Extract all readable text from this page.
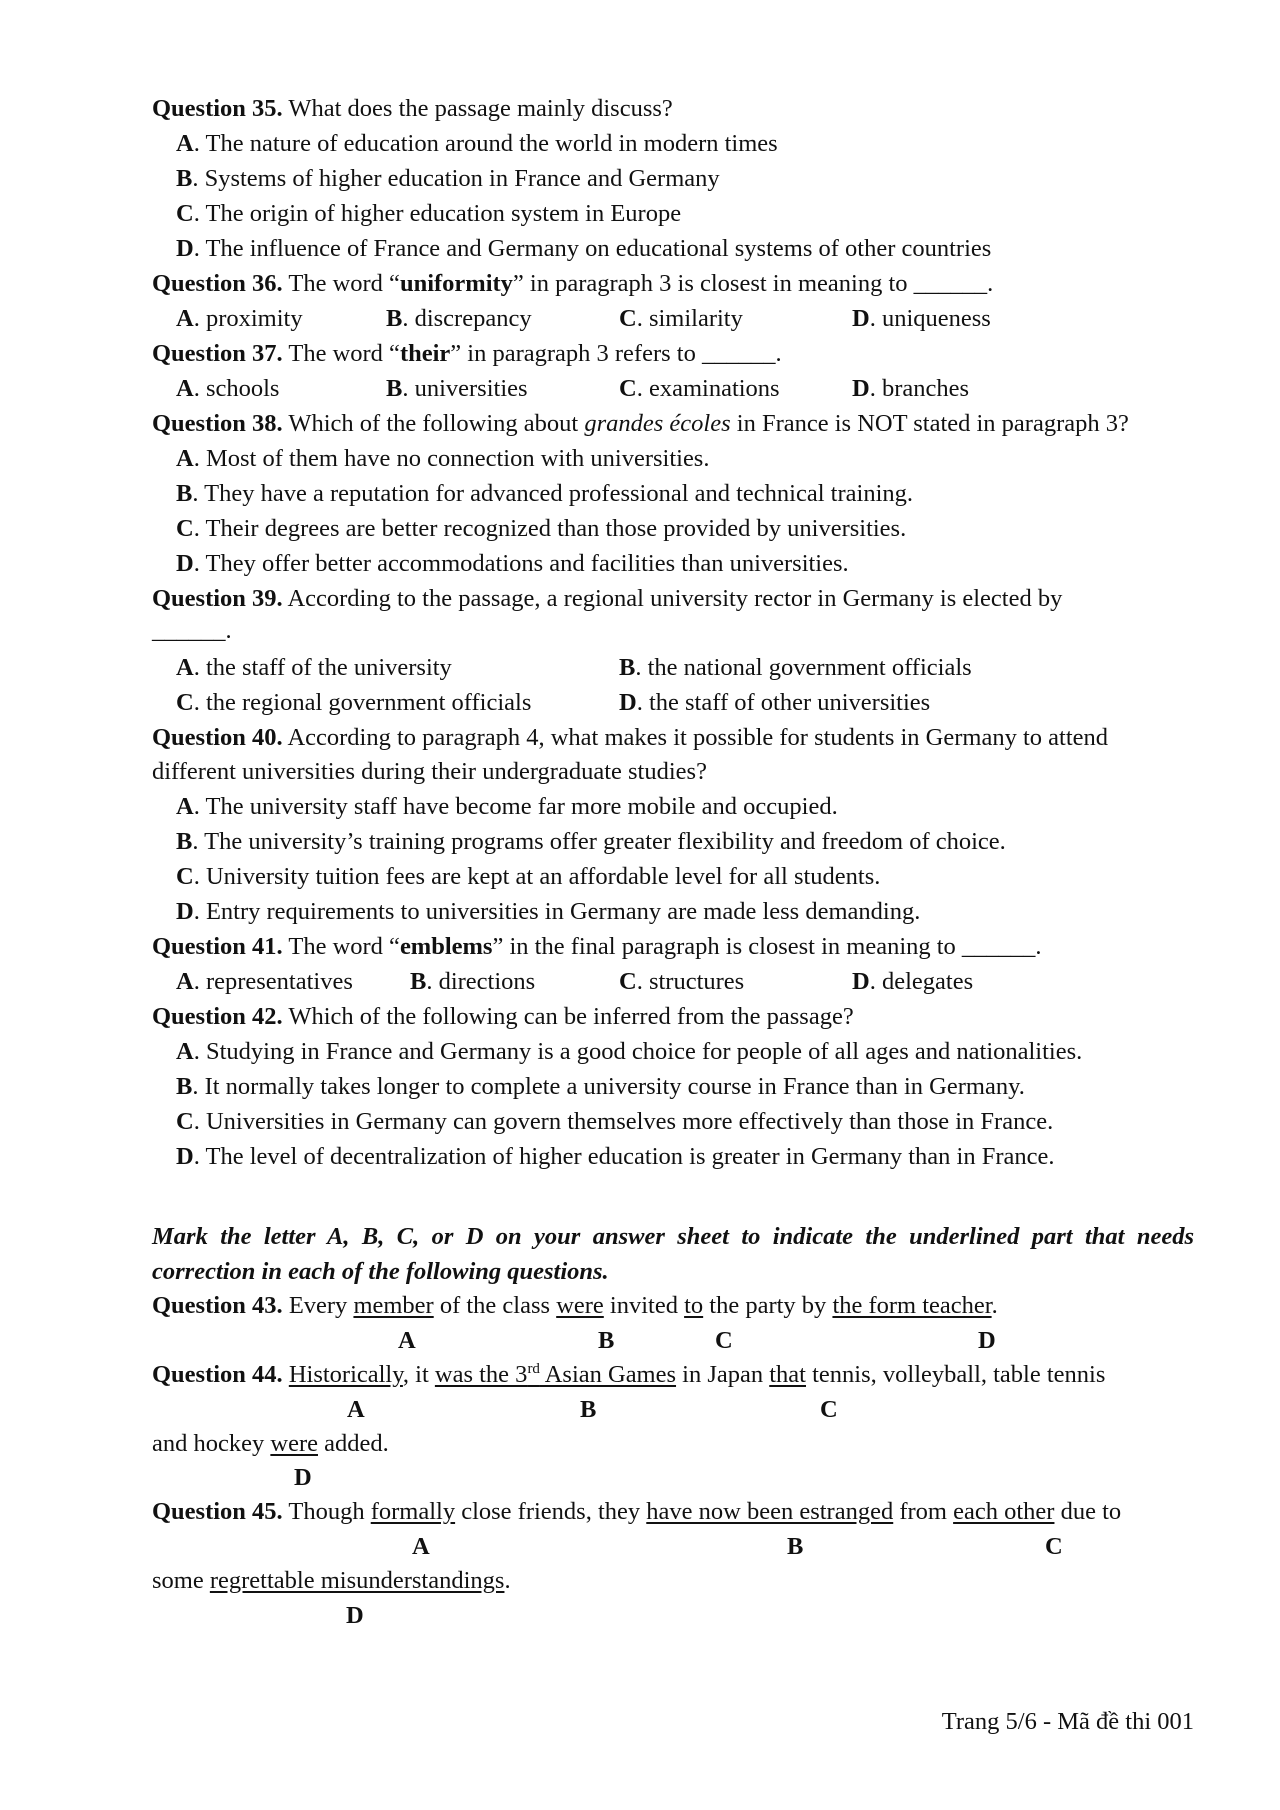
Question 35. What does the passage mainly discuss?
A. The nature of education around the world in modern times
B. Systems of higher education in France and Germany
C. The origin of higher education system in Europe
D. The influence of France and Germany on educational systems of other countries
Question 36. The word “uniformity” in paragraph 3 is closest in meaning to ______.
A. proximity	B. discrepancy	C. similarity	D. uniqueness
Question 37. The word “their” in paragraph 3 refers to ______.
A. schools	B. universities	C. examinations	D. branches
Question 38. Which of the following about grandes écoles in France is NOT stated in paragraph 3?
A. Most of them have no connection with universities.
B. They have a reputation for advanced professional and technical training.
C. Their degrees are better recognized than those provided by universities.
D. They offer better accommodations and facilities than universities.
Question 39. According to the passage, a regional university rector in Germany is elected by
______.
A. the staff of the university	B. the national government officials
C. the regional government officials	D. the staff of other universities
Question 40. According to paragraph 4, what makes it possible for students in Germany to attend
different universities during their undergraduate studies?
A. The university staff have become far more mobile and occupied.
B. The university’s training programs offer greater flexibility and freedom of choice.
C. University tuition fees are kept at an affordable level for all students.
D. Entry requirements to universities in Germany are made less demanding.
Question 41. The word “emblems” in the final paragraph is closest in meaning to ______.
A. representatives B. directions	C. structures	D. delegates
Question 42. Which of the following can be inferred from the passage?
A. Studying in France and Germany is a good choice for people of all ages and nationalities.
B. It normally takes longer to complete a university course in France than in Germany.
C. Universities in Germany can govern themselves more effectively than those in France.
D. The level of decentralization of higher education is greater in Germany than in France.
Mark the letter A, B, C, or D on your answer sheet to indicate the underlined part that needs
correction in each of the following questions.
Question 43. Every member of the class were invited to the party by the form teacher.
A	B	C	D
Question 44. Historically, it was the 3rd Asian Games in Japan that tennis, volleyball, table tennis
A	B	C
and hockey were added.
D
Question 45. Though formally close friends, they have now been estranged from each other due to
A	B	C
some regrettable misunderstandings.
D
Trang 5/6 - Mã đề thi 001
